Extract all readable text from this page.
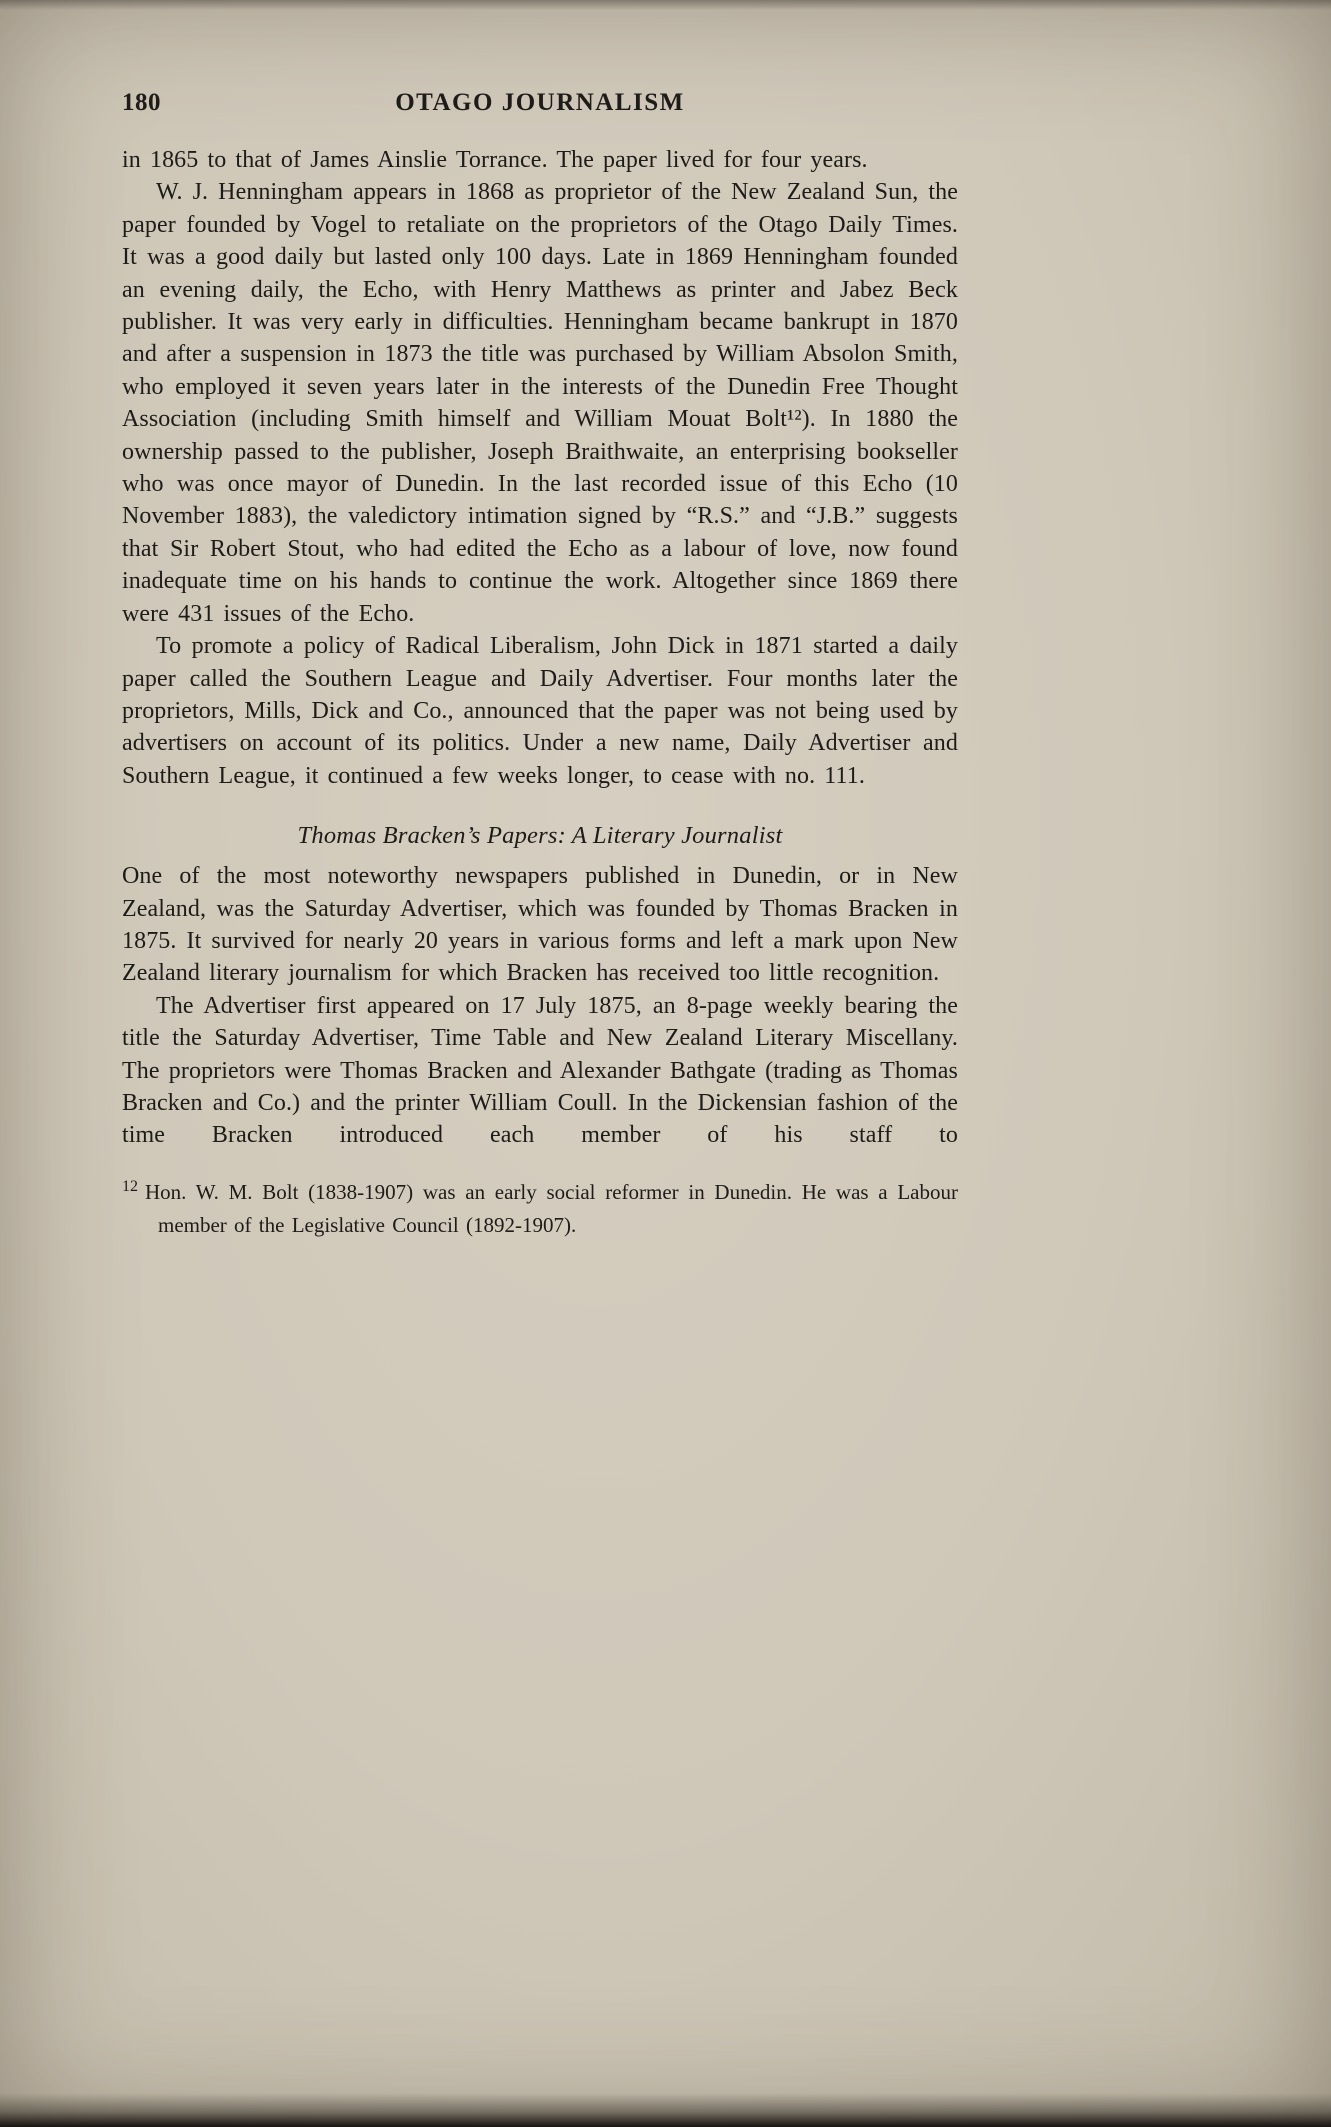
180	OTAGO JOURNALISM

in 1865 to that of James Ainslie Torrance. The paper lived for four years.

W. J. Henningham appears in 1868 as proprietor of the New Zealand Sun, the paper founded by Vogel to retaliate on the proprietors of the Otago Daily Times. It was a good daily but lasted only 100 days. Late in 1869 Henningham founded an evening daily, the Echo, with Henry Matthews as printer and Jabez Beck publisher. It was very early in difficulties. Henningham became bankrupt in 1870 and after a suspension in 1873 the title was purchased by William Absolon Smith, who employed it seven years later in the interests of the Dunedin Free Thought Association (including Smith himself and William Mouat Bolt¹²). In 1880 the ownership passed to the publisher, Joseph Braithwaite, an enterprising bookseller who was once mayor of Dunedin. In the last recorded issue of this Echo (10 November 1883), the valedictory intimation signed by “R.S.” and “J.B.” suggests that Sir Robert Stout, who had edited the Echo as a labour of love, now found inadequate time on his hands to continue the work. Altogether since 1869 there were 431 issues of the Echo.

To promote a policy of Radical Liberalism, John Dick in 1871 started a daily paper called the Southern League and Daily Advertiser. Four months later the proprietors, Mills, Dick and Co., announced that the paper was not being used by advertisers on account of its politics. Under a new name, Daily Advertiser and Southern League, it continued a few weeks longer, to cease with no. 111.

Thomas Bracken’s Papers: A Literary Journalist

One of the most noteworthy newspapers published in Dunedin, or in New Zealand, was the Saturday Advertiser, which was founded by Thomas Bracken in 1875. It survived for nearly 20 years in various forms and left a mark upon New Zealand literary journalism for which Bracken has received too little recognition.

The Advertiser first appeared on 17 July 1875, an 8-page weekly bearing the title the Saturday Advertiser, Time Table and New Zealand Literary Miscellany. The proprietors were Thomas Bracken and Alexander Bathgate (trading as Thomas Bracken and Co.) and the printer William Coull. In the Dickensian fashion of the time Bracken introduced each member of his staff to

$^{12}$ Hon. W. M. Bolt (1838-1907) was an early social reformer in Dunedin. He was a Labour member of the Legislative Council (1892-1907).
